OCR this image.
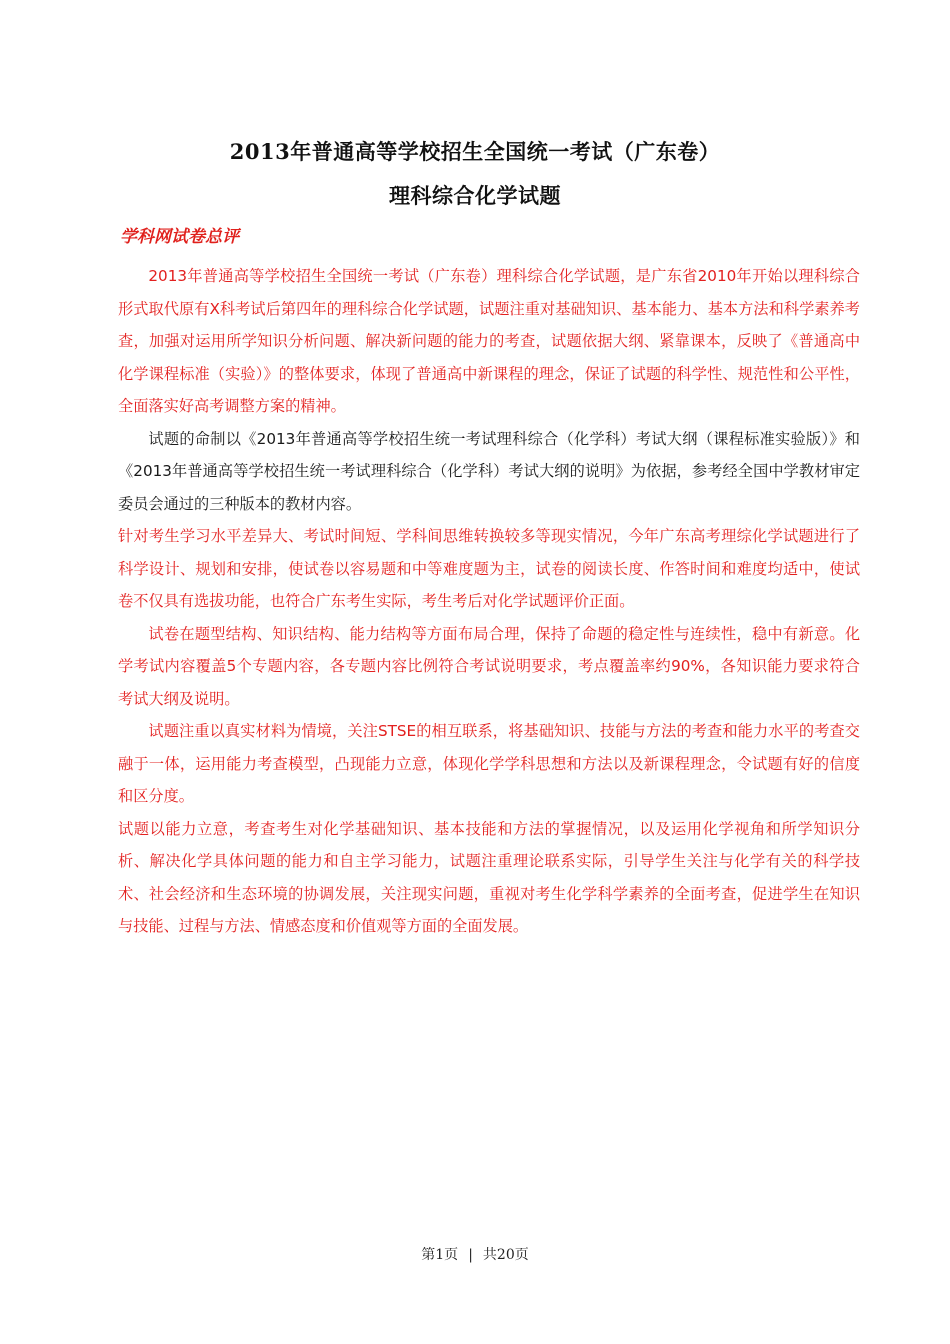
2013年普通高等学校招生全国统一考试（广东卷）
理科综合化学试题
学科网试卷总评

2013年普通高等学校招生全国统一考试（广东卷）理科综合化学试题，是广东省2010年开始以理科综合形式取代原有X科考试后第四年的理科综合化学试题，试题注重对基础知识、基本能力、基本方法和科学素养考查，加强对运用所学知识分析问题、解决新问题的能力的考查，试题依据大纲、紧靠课本，反映了《普通高中化学课程标准（实验）》的整体要求，体现了普通高中新课程的理念，保证了试题的科学性、规范性和公平性，全面落实好高考调整方案的精神。

试题的命制以《2013年普通高等学校招生统一考试理科综合（化学科）考试大纲（课程标准实验版）》和《2013年普通高等学校招生统一考试理科综合（化学科）考试大纲的说明》为依据，参考经全国中学教材审定委员会通过的三种版本的教材内容。

针对考生学习水平差异大、考试时间短、学科间思维转换较多等现实情况，今年广东高考理综化学试题进行了科学设计、规划和安排，使试卷以容易题和中等难度题为主，试卷的阅读长度、作答时间和难度均适中，使试卷不仅具有选拔功能，也符合广东考生实际，考生考后对化学试题评价正面。

试卷在题型结构、知识结构、能力结构等方面布局合理，保持了命题的稳定性与连续性，稳中有新意。化学考试内容覆盖5个专题内容，各专题内容比例符合考试说明要求，考点覆盖率约90%，各知识能力要求符合考试大纲及说明。

试题注重以真实材料为情境，关注STSE的相互联系，将基础知识、技能与方法的考查和能力水平的考查交融于一体，运用能力考查模型，凸现能力立意，体现化学学科思想和方法以及新课程理念，令试题有好的信度和区分度。

试题以能力立意，考查考生对化学基础知识、基本技能和方法的掌握情况，以及运用化学视角和所学知识分析、解决化学具体问题的能力和自主学习能力，试题注重理论联系实际，引导学生关注与化学有关的科学技术、社会经济和生态环境的协调发展，关注现实问题，重视对考生化学科学素养的全面考查，促进学生在知识与技能、过程与方法、情感态度和价值观等方面的全面发展。

第1页 | 共20页
